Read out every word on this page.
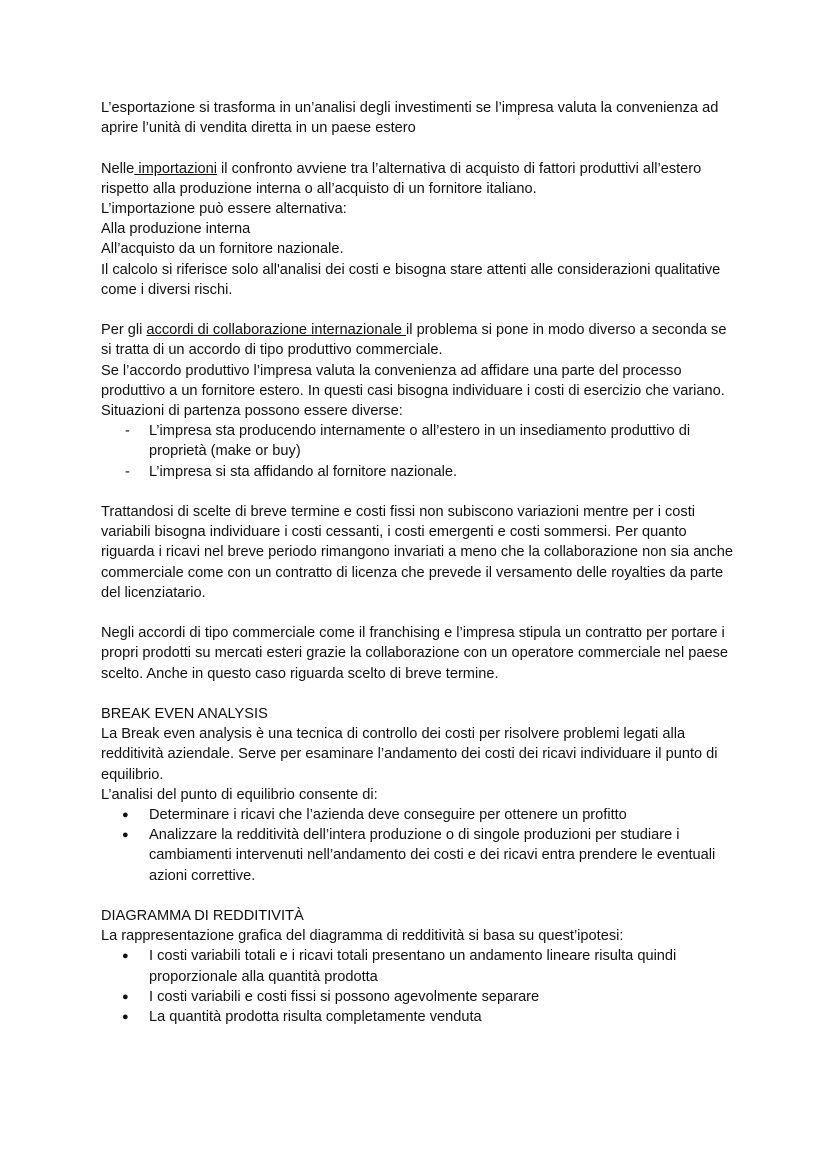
L’esportazione si trasforma in un’analisi degli investimenti se l’impresa valuta la convenienza ad aprire l’unità di vendita diretta in un paese estero

Nelle importazioni il confronto avviene tra l’alternativa di acquisto di fattori produttivi all’estero rispetto alla produzione interna o all’acquisto di un fornitore italiano.

L’importazione può essere alternativa:

Alla produzione interna

All’acquisto da un fornitore nazionale.

Il calcolo si riferisce solo all'analisi dei costi e bisogna stare attenti alle considerazioni qualitative come i diversi rischi.

Per gli accordi di collaborazione internazionale il problema si pone in modo diverso a seconda se si tratta di un accordo di tipo produttivo commerciale.

Se l’accordo produttivo l’impresa valuta la convenienza ad affidare una parte del processo produttivo a un fornitore estero. In questi casi bisogna individuare i costi di esercizio che variano.

Situazioni di partenza possono essere diverse:

- L’impresa sta producendo internamente o all’estero in un insediamento produttivo di proprietà (make or buy)
- L’impresa si sta affidando al fornitore nazionale.

Trattandosi di scelte di breve termine e costi fissi non subiscono variazioni mentre per i costi variabili bisogna individuare i costi cessanti, i costi emergenti e costi sommersi. Per quanto riguarda i ricavi nel breve periodo rimangono invariati a meno che la collaborazione non sia anche commerciale come con un contratto di licenza che prevede il versamento delle royalties da parte del licenziatario.

Negli accordi di tipo commerciale come il franchising e l’impresa stipula un contratto per portare i propri prodotti su mercati esteri grazie la collaborazione con un operatore commerciale nel paese scelto. Anche in questo caso riguarda scelto di breve termine.

BREAK EVEN ANALYSIS

La Break even analysis è una tecnica di controllo dei costi per risolvere problemi legati alla redditività aziendale. Serve per esaminare l’andamento dei costi dei ricavi individuare il punto di equilibrio.

L’analisi del punto di equilibrio consente di:

● Determinare i ricavi che l’azienda deve conseguire per ottenere un profitto
● Analizzare la redditività dell’intera produzione o di singole produzioni per studiare i cambiamenti intervenuti nell’andamento dei costi e dei ricavi entra prendere le eventuali azioni correttive.

DIAGRAMMA DI REDDITIVITÀ

La rappresentazione grafica del diagramma di redditività si basa su quest’ipotesi:

● I costi variabili totali e i ricavi totali presentano un andamento lineare risulta quindi proporzionale alla quantità prodotta
● I costi variabili e costi fissi si possono agevolmente separare
● La quantità prodotta risulta completamente venduta
